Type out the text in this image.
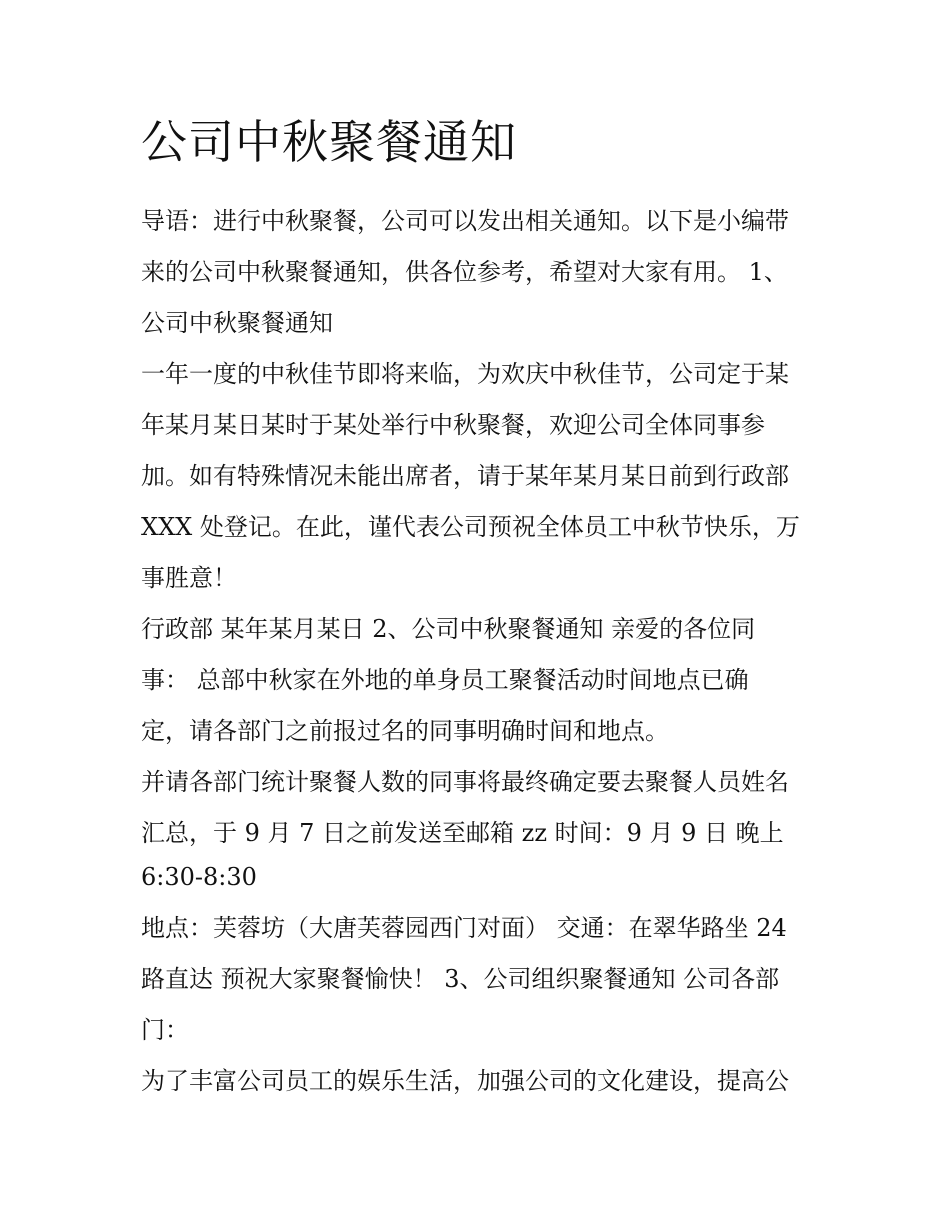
公司中秋聚餐通知
导语：进行中秋聚餐，公司可以发出相关通知。以下是小编带
来的公司中秋聚餐通知，供各位参考，希望对大家有用。 1、
公司中秋聚餐通知
一年一度的中秋佳节即将来临，为欢庆中秋佳节，公司定于某
年某月某日某时于某处举行中秋聚餐，欢迎公司全体同事参
加。如有特殊情况未能出席者，请于某年某月某日前到行政部
XXX 处登记。在此，谨代表公司预祝全体员工中秋节快乐，万
事胜意！
行政部 某年某月某日 2、公司中秋聚餐通知 亲爱的各位同
事： 总部中秋家在外地的单身员工聚餐活动时间地点已确
定，请各部门之前报过名的同事明确时间和地点。
并请各部门统计聚餐人数的同事将最终确定要去聚餐人员姓名
汇总，于 9 月 7 日之前发送至邮箱 zz 时间：9 月 9 日 晚上
6:30-8:30
地点：芙蓉坊（大唐芙蓉园西门对面） 交通：在翠华路坐 24
路直达 预祝大家聚餐愉快！ 3、公司组织聚餐通知 公司各部
门：
为了丰富公司员工的娱乐生活，加强公司的文化建设，提高公
